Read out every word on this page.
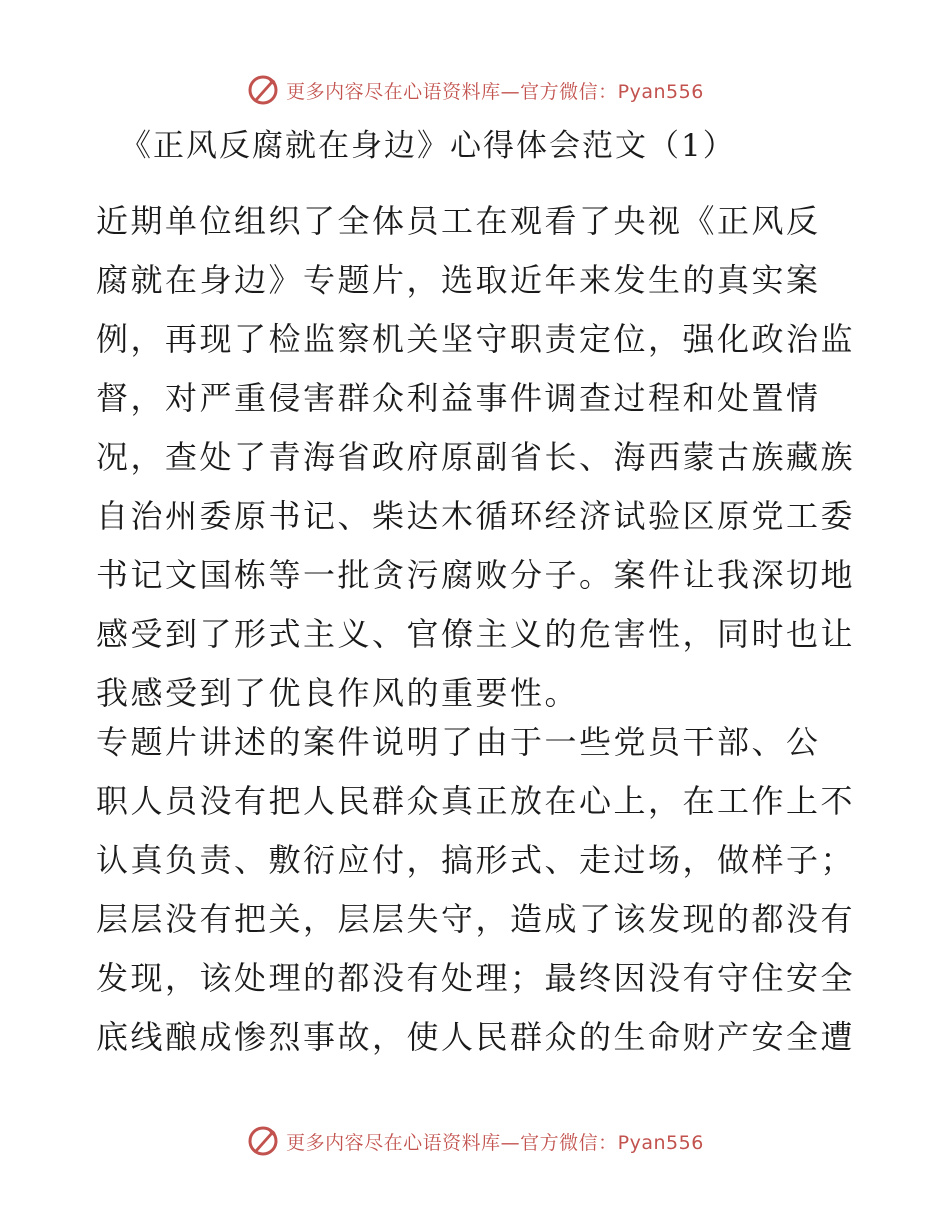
更多内容尽在心语资料库—官方微信：Pyan556
《正风反腐就在身边》心得体会范文（1）

近期单位组织了全体员工在观看了央视《正风反
腐就在身边》专题片，选取近年来发生的真实案
例，再现了检监察机关坚守职责定位，强化政治监
督，对严重侵害群众利益事件调查过程和处置情
况，查处了青海省政府原副省长、海西蒙古族藏族
自治州委原书记、柴达木循环经济试验区原党工委
书记文国栋等一批贪污腐败分子。案件让我深切地
感受到了形式主义、官僚主义的危害性，同时也让
我感受到了优良作风的重要性。

专题片讲述的案件说明了由于一些党员干部、公
职人员没有把人民群众真正放在心上，在工作上不
认真负责、敷衍应付，搞形式、走过场，做样子；
层层没有把关，层层失守，造成了该发现的都没有
发现，该处理的都没有处理；最终因没有守住安全
底线酿成惨烈事故，使人民群众的生命财产安全遭

更多内容尽在心语资料库—官方微信：Pyan556
